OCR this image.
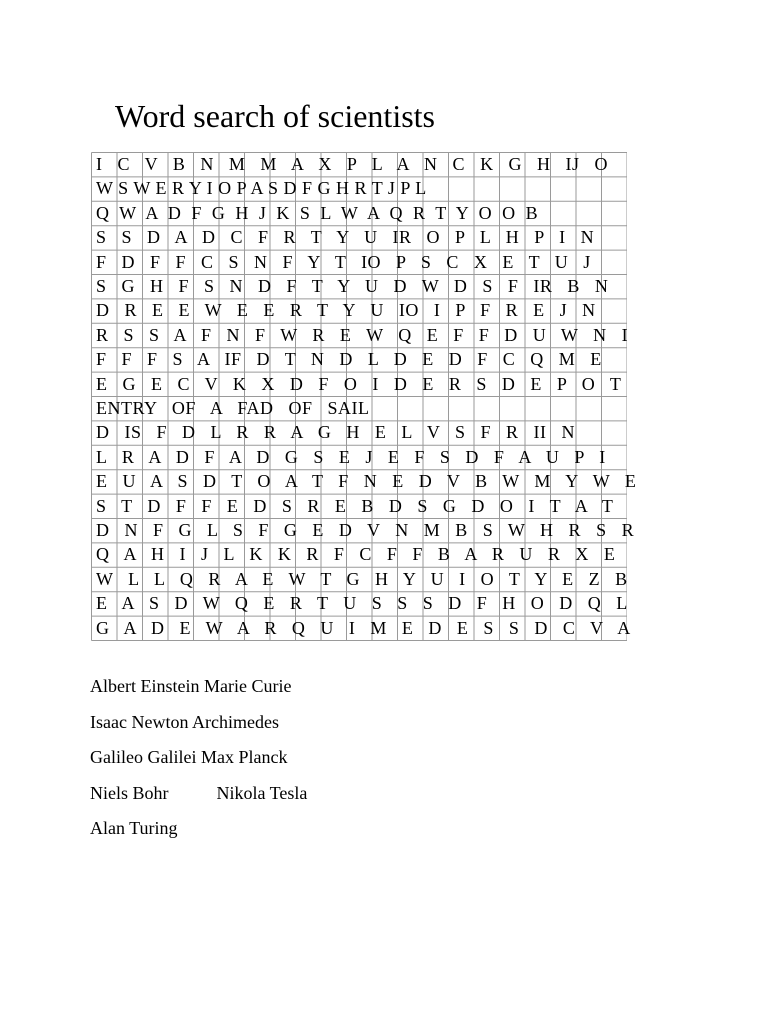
Word search of scientists
I   C   V   B   N   M   M   A   X   P   L   A   N   C   K   G   H   IJ   O
W S W E R Y I O P A S D F G H R T J P L
Q  W  A  D  F  G  H  J  K  S  L  W  A  Q  R  T  Y  O  O  B
S   S   D   A   D   C   F   R   T   Y   U   IR   O   P   L   H   P   I   N
F   D   F   F   C   S   N   F   Y   T   IO   P   S   C   X   E   T   U   J
S   G   H   F   S   N   D   F   T   Y   U   D   W   D   S   F   IR   B   N
D   R   E   E   W   E   E   R   T   Y   U   IO   I   P   F   R   E   J   N
R   S   S   A   F   N   F   W   R   E   W   Q   E   F   F   D   U   W   N   I
F   F   F   S   A   IF   D   T   N   D   L   D   E   D   F   C   Q   M   E
E   G   E   C   V   K   X   D   F   O   I   D   E   R   S   D   E   P   O   T
ENTRY   OF   A   FAD   OF   SAIL
D   IS   F   D   L   R   R   A   G   H   E   L   V   S   F   R   II   N
L   R   A   D   F   A   D   G   S   E   J   E   F   S   D   F   A   U   P   I
E   U   A   S   D   T   O   A   T   F   N   E   D   V   B   W   M   Y   W   E
S   T   D   F   F   E   D   S   R   E   B   D   S   G   D   O   I   T   A   T
D   N   F   G   L   S   F   G   E   D   V   N   M   B   S   W   H   R   S   R
Q   A   H   I   J   L   K   K   R   F   C   F   F   B   A   R   U   R   X   E
W   L   L   Q   R   A   E   W   T   G   H   Y   U   I   O   T   Y   E   Z   B
E   A   S   D   W   Q   E   R   T   U   S   S   S   D   F   H   O   D   Q   L
G   A   D   E   W   A   R   Q   U   I   M   E   D   E   S   S   D   C   V   A
Albert Einstein Marie Curie
Isaac Newton Archimedes
Galileo Galilei Max Planck
Niels Bohr	Nikola Tesla
Alan Turing
